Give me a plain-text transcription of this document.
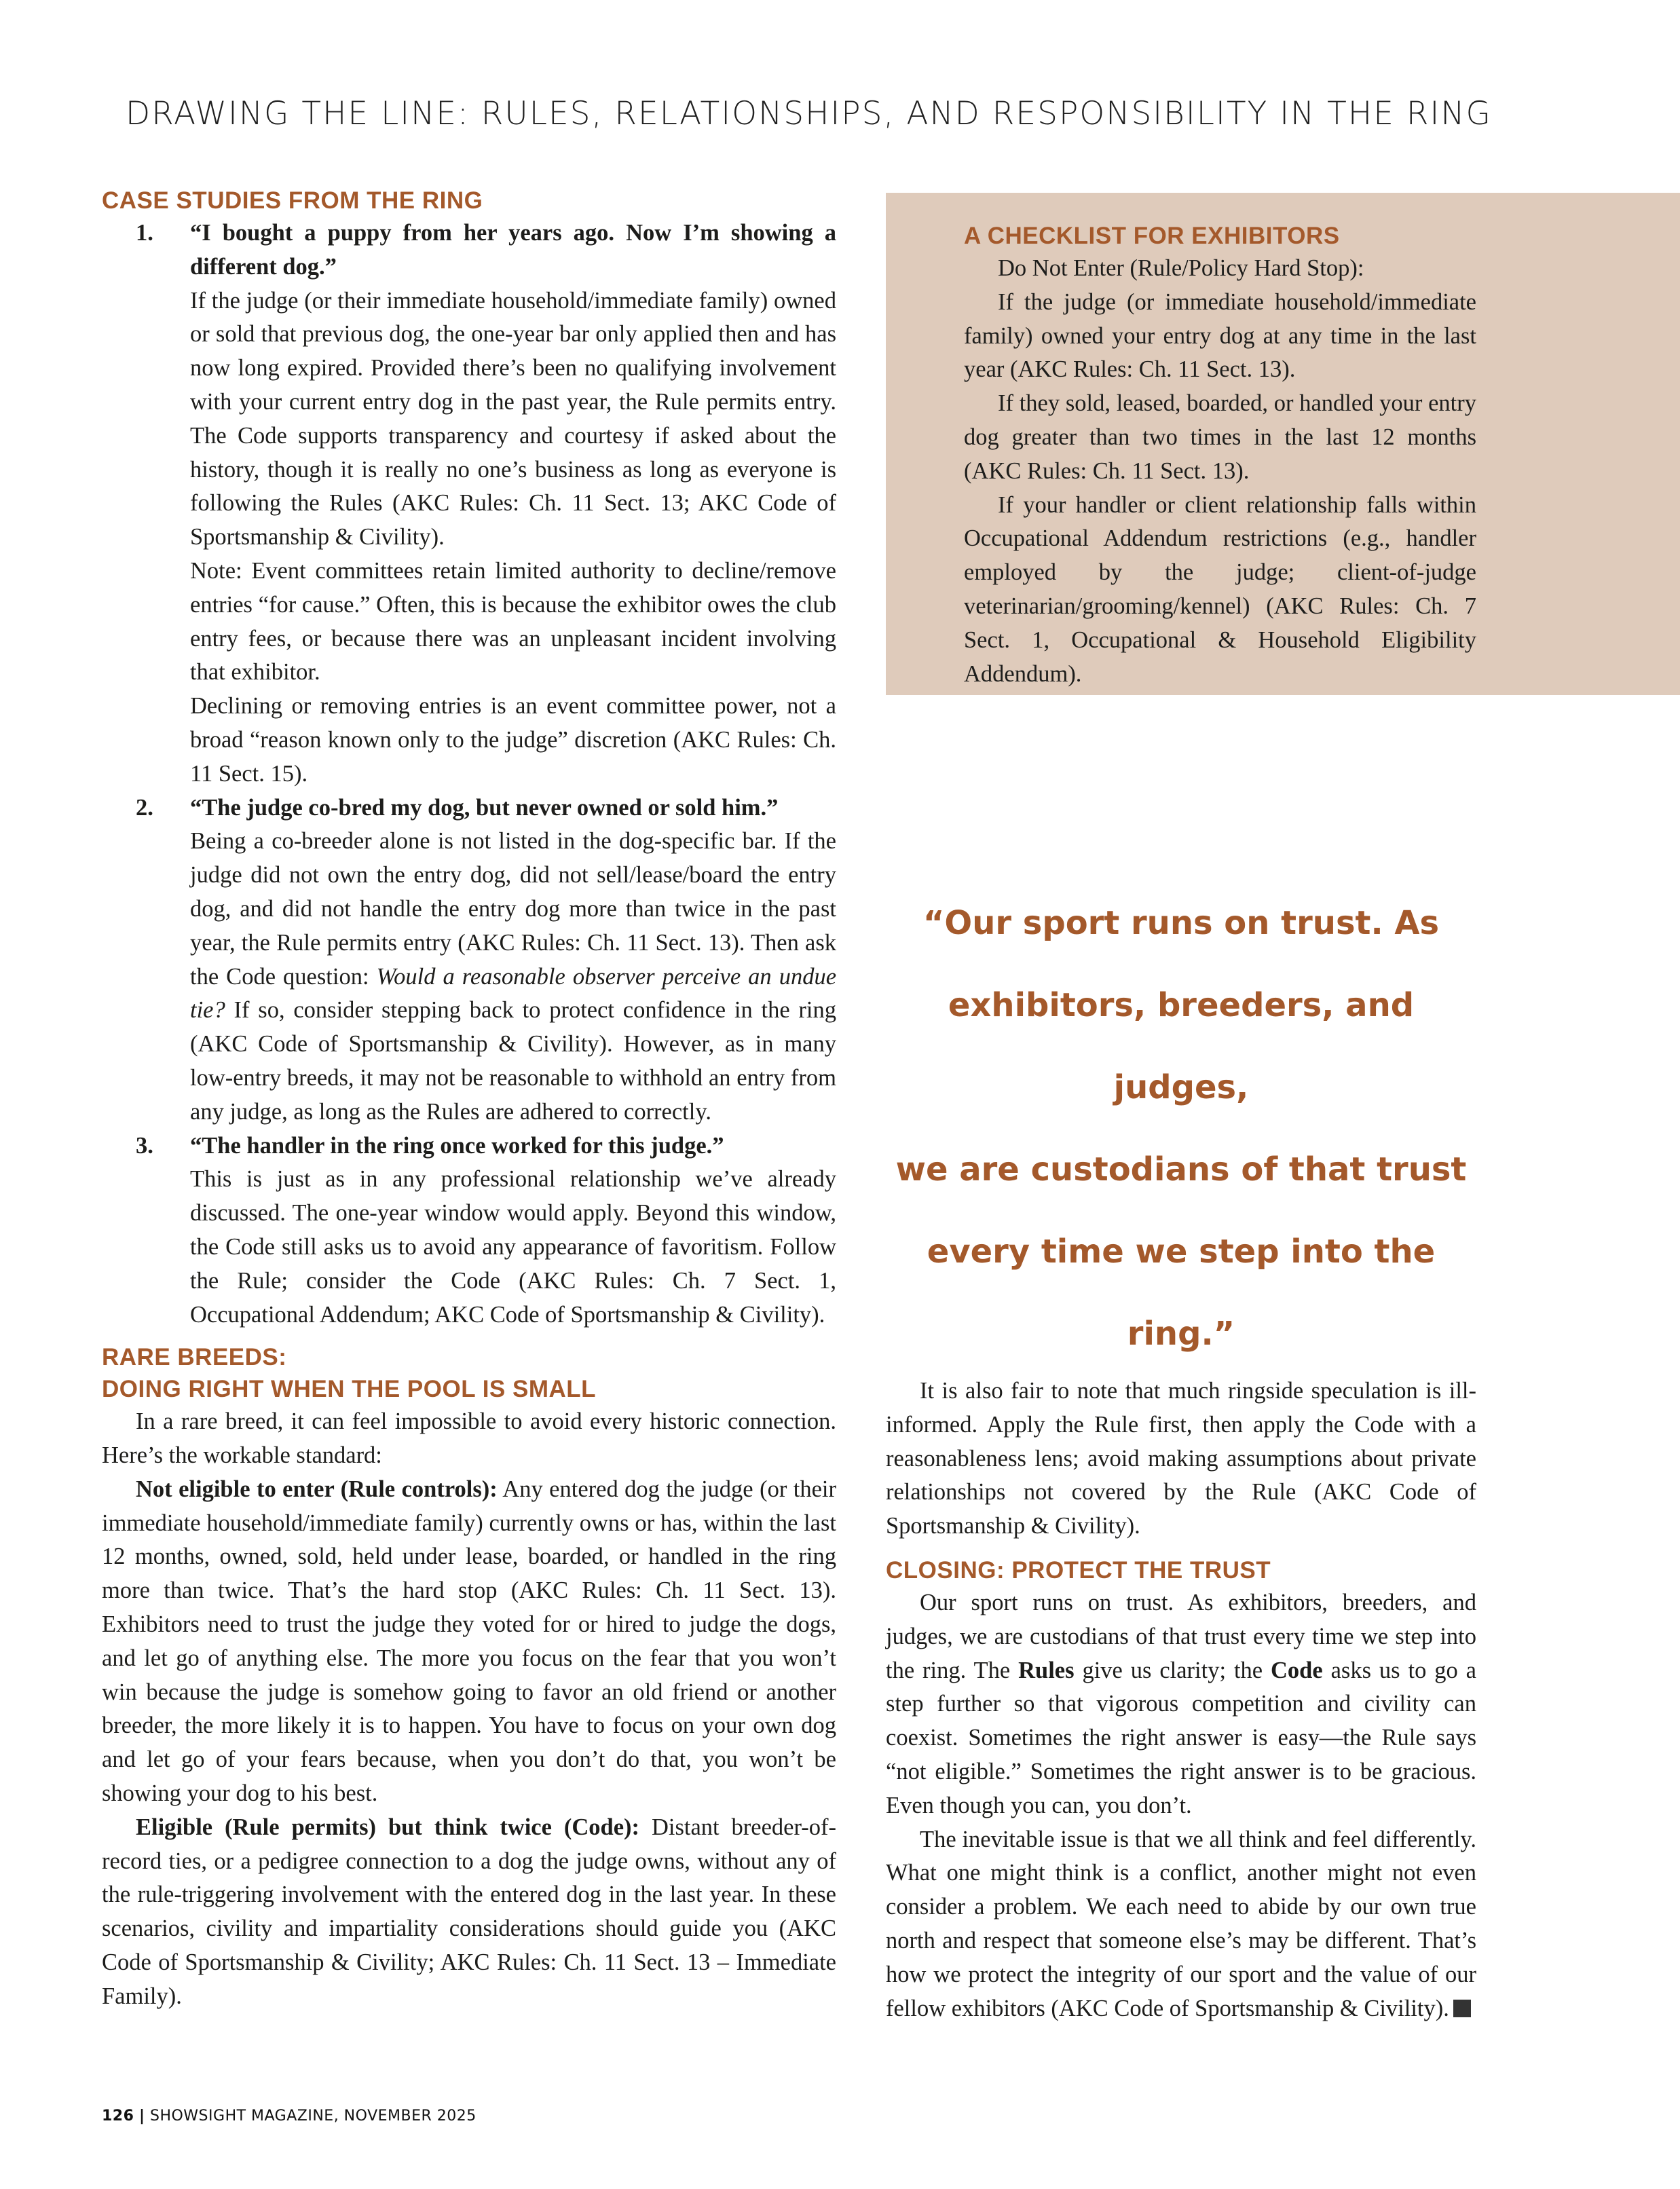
DRAWING THE LINE: RULES, RELATIONSHIPS, AND RESPONSIBILITY IN THE RING
CASE STUDIES FROM THE RING
1. “I bought a puppy from her years ago. Now I’m showing a different dog.”

If the judge (or their immediate household/immediate family) owned or sold that previous dog, the one-year bar only applied then and has now long expired. Provided there’s been no qualifying involvement with your current entry dog in the past year, the Rule permits entry. The Code supports transparency and courtesy if asked about the history, though it is really no one’s business as long as everyone is following the Rules (AKC Rules: Ch. 11 Sect. 13; AKC Code of Sportsmanship & Civility).

Note: Event committees retain limited authority to decline/remove entries “for cause.” Often, this is because the exhibitor owes the club entry fees, or because there was an unpleasant incident involving that exhibitor.

Declining or removing entries is an event committee power, not a broad “reason known only to the judge” discretion (AKC Rules: Ch. 11 Sect. 15).

2. “The judge co-bred my dog, but never owned or sold him.”

Being a co-breeder alone is not listed in the dog-specific bar. If the judge did not own the entry dog, did not sell/lease/board the entry dog, and did not handle the entry dog more than twice in the past year, the Rule permits entry (AKC Rules: Ch. 11 Sect. 13). Then ask the Code question: Would a reasonable observer perceive an undue tie? If so, consider stepping back to protect confidence in the ring (AKC Code of Sportsmanship & Civility). However, as in many low-entry breeds, it may not be reasonable to withhold an entry from any judge, as long as the Rules are adhered to correctly.

3. “The handler in the ring once worked for this judge.”

This is just as in any professional relationship we’ve already discussed. The one-year window would apply. Beyond this window, the Code still asks us to avoid any appearance of favoritism. Follow the Rule; consider the Code (AKC Rules: Ch. 7 Sect. 1, Occupational Addendum; AKC Code of Sportsmanship & Civility).

RARE BREEDS:
DOING RIGHT WHEN THE POOL IS SMALL

In a rare breed, it can feel impossible to avoid every historic connection. Here’s the workable standard:

Not eligible to enter (Rule controls): Any entered dog the judge (or their immediate household/immediate family) currently owns or has, within the last 12 months, owned, sold, held under lease, boarded, or handled in the ring more than twice. That’s the hard stop (AKC Rules: Ch. 11 Sect. 13). Exhibitors need to trust the judge they voted for or hired to judge the dogs, and let go of anything else. The more you focus on the fear that you won’t win because the judge is somehow going to favor an old friend or another breeder, the more likely it is to happen. You have to focus on your own dog and let go of your fears because, when you don’t do that, you won’t be showing your dog to his best.

Eligible (Rule permits) but think twice (Code): Distant breeder-of-record ties, or a pedigree connection to a dog the judge owns, without any of the rule-triggering involvement with the entered dog in the last year. In these scenarios, civility and impartiality considerations should guide you (AKC Code of Sportsmanship & Civility; AKC Rules: Ch. 11 Sect. 13 – Immediate Family).

A CHECKLIST FOR EXHIBITORS

Do Not Enter (Rule/Policy Hard Stop):

If the judge (or immediate household/immediate family) owned your entry dog at any time in the last year (AKC Rules: Ch. 11 Sect. 13).

If they sold, leased, boarded, or handled your entry dog greater than two times in the last 12 months (AKC Rules: Ch. 11 Sect. 13).

If your handler or client relationship falls within Occupational Addendum restrictions (e.g., handler employed by the judge; client-of-judge veterinarian/grooming/kennel) (AKC Rules: Ch. 7 Sect. 1, Occupational & Household Eligibility Addendum).

“Our sport runs on trust. As
exhibitors, breeders, and judges,
we are custodians of that trust
every time we step into the ring.”

It is also fair to note that much ringside speculation is ill-informed. Apply the Rule first, then apply the Code with a reasonableness lens; avoid making assumptions about private relationships not covered by the Rule (AKC Code of Sportsmanship & Civility).

CLOSING: PROTECT THE TRUST

Our sport runs on trust. As exhibitors, breeders, and judges, we are custodians of that trust every time we step into the ring. The Rules give us clarity; the Code asks us to go a step further so that vigorous competition and civility can coexist. Sometimes the right answer is easy—the Rule says “not eligible.” Sometimes the right answer is to be gracious. Even though you can, you don’t.

The inevitable issue is that we all think and feel differently. What one might think is a conflict, another might not even consider a problem. We each need to abide by our own true north and respect that someone else’s may be different. That’s how we protect the integrity of our sport and the value of our fellow exhibitors (AKC Code of Sportsmanship & Civility).

126 | SHOWSIGHT MAGAZINE, NOVEMBER 2025
